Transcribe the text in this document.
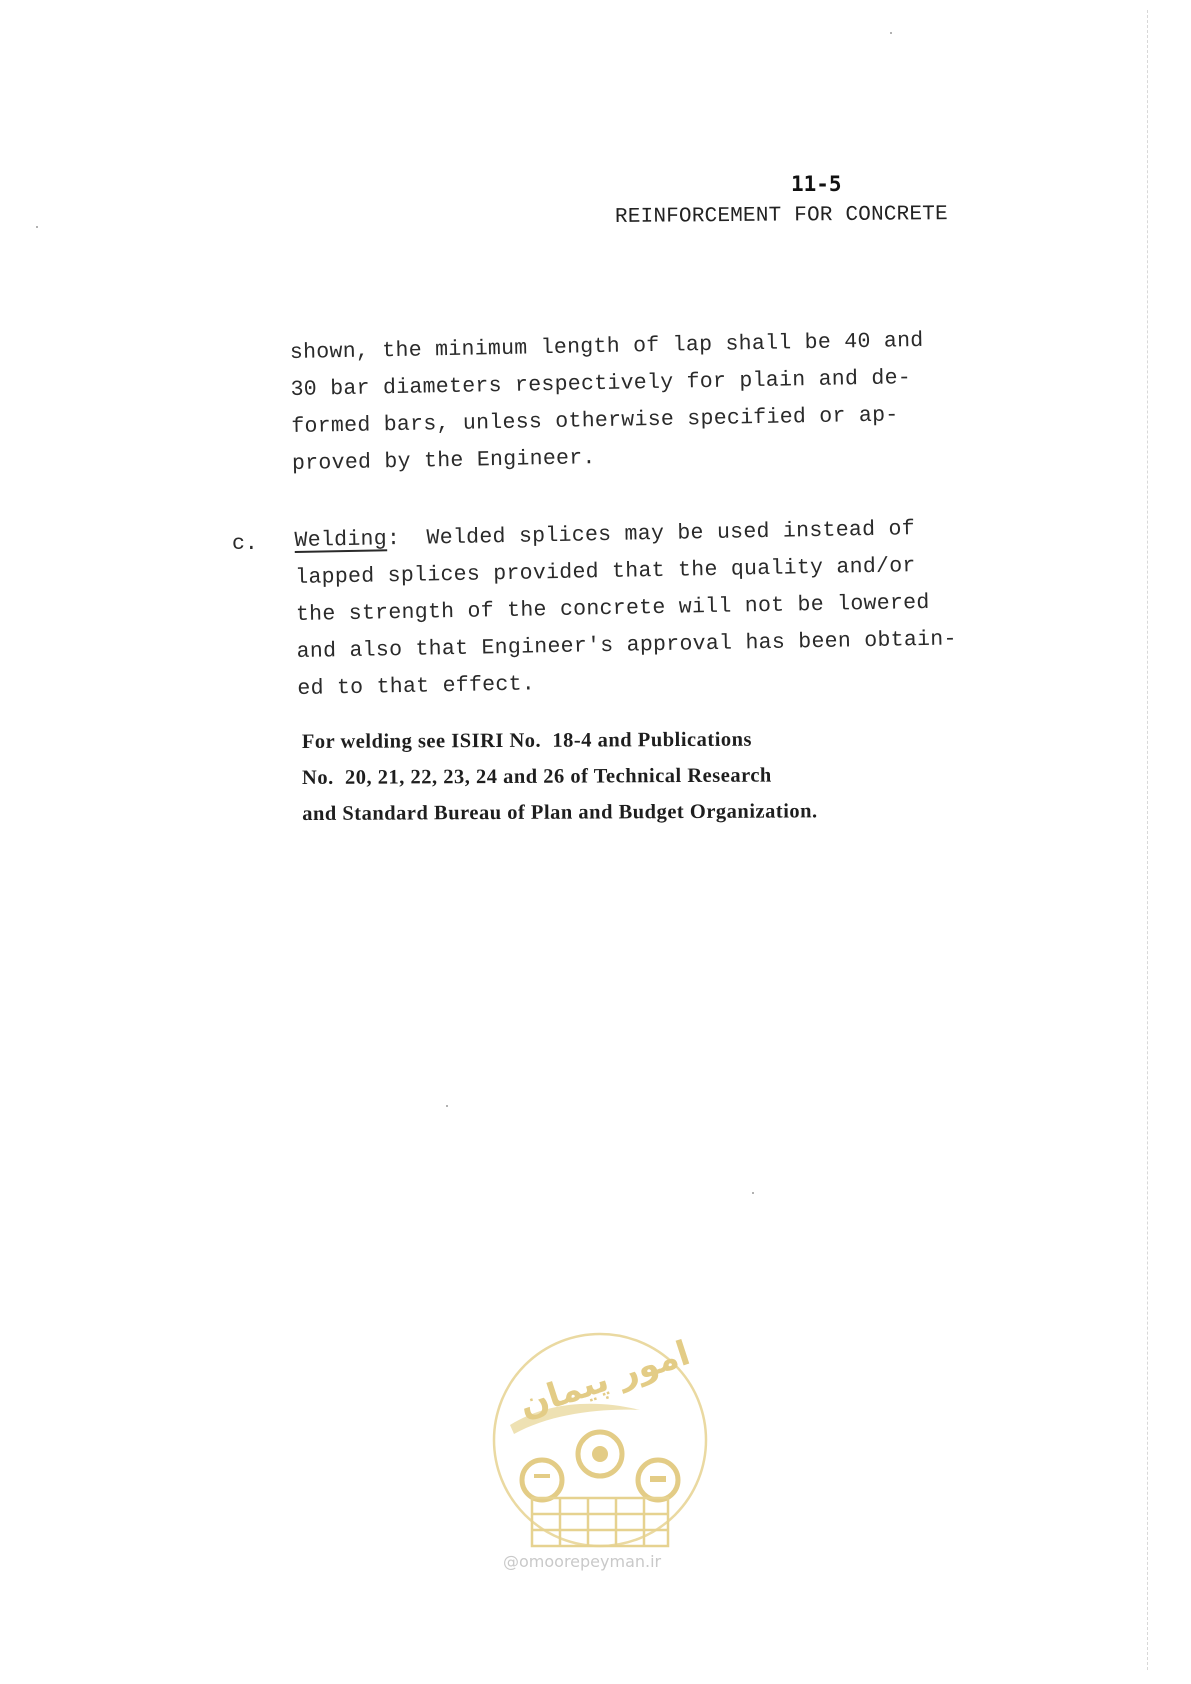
11-5
REINFORCEMENT FOR CONCRETE
shown, the minimum length of lap shall be 40 and
30 bar diameters respectively for plain and de-
formed bars, unless otherwise specified or ap-
proved by the Engineer.
c. Welding:  Welded splices may be used instead of
lapped splices provided that the quality and/or
the strength of the concrete will not be lowered
and also that Engineer's approval has been obtain-
ed to that effect.
For welding see ISIRI No.  18-4 and Publications
No.  20, 21, 22, 23, 24 and 26 of Technical Research
and Standard Bureau of Plan and Budget Organization.
امور پیمان
@omoorepeyman.ir
